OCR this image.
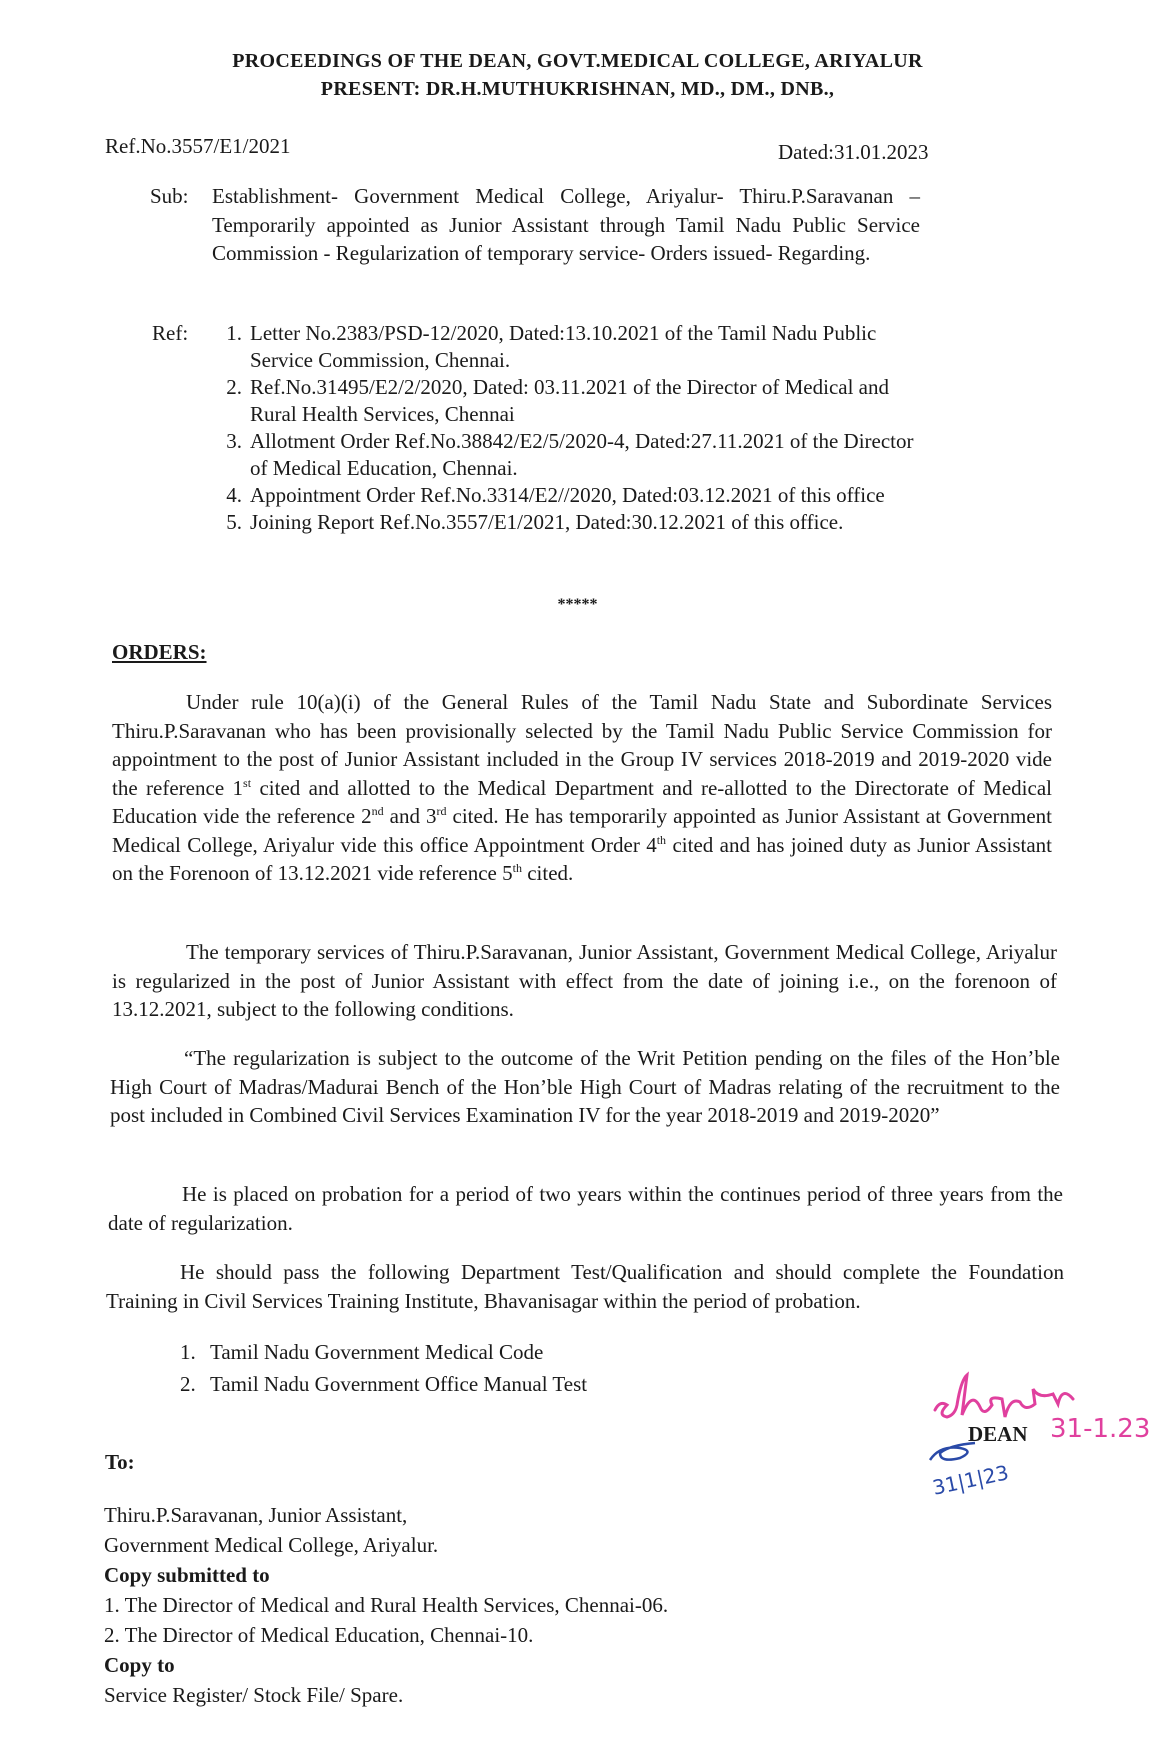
PROCEEDINGS OF THE DEAN, GOVT.MEDICAL COLLEGE, ARIYALUR
PRESENT: DR.H.MUTHUKRISHNAN, MD., DM., DNB.,
Ref.No.3557/E1/2021	Dated:31.01.2023
Sub:	Establishment- Government Medical College, Ariyalur- Thiru.P.Saravanan – Temporarily appointed as Junior Assistant through Tamil Nadu Public Service Commission - Regularization of temporary service- Orders issued- Regarding.
Ref:	1. Letter No.2383/PSD-12/2020, Dated:13.10.2021 of the Tamil Nadu Public Service Commission, Chennai.
2. Ref.No.31495/E2/2/2020, Dated: 03.11.2021 of the Director of Medical and Rural Health Services, Chennai
3. Allotment Order Ref.No.38842/E2/5/2020-4, Dated:27.11.2021 of the Director of Medical Education, Chennai.
4. Appointment Order Ref.No.3314/E2//2020, Dated:03.12.2021 of this office
5. Joining Report Ref.No.3557/E1/2021, Dated:30.12.2021 of this office.
*****
ORDERS:
Under rule 10(a)(i) of the General Rules of the Tamil Nadu State and Subordinate Services Thiru.P.Saravanan who has been provisionally selected by the Tamil Nadu Public Service Commission for appointment to the post of Junior Assistant included in the Group IV services 2018-2019 and 2019-2020 vide the reference 1st cited and allotted to the Medical Department and re-allotted to the Directorate of Medical Education vide the reference 2nd and 3rd cited. He has temporarily appointed as Junior Assistant at Government Medical College, Ariyalur vide this office Appointment Order 4th cited and has joined duty as Junior Assistant on the Forenoon of 13.12.2021 vide reference 5th cited.
The temporary services of Thiru.P.Saravanan, Junior Assistant, Government Medical College, Ariyalur is regularized in the post of Junior Assistant with effect from the date of joining i.e., on the forenoon of 13.12.2021, subject to the following conditions.
“The regularization is subject to the outcome of the Writ Petition pending on the files of the Hon’ble High Court of Madras/Madurai Bench of the Hon’ble High Court of Madras relating of the recruitment to the post included in Combined Civil Services Examination IV for the year 2018-2019 and 2019-2020”
He is placed on probation for a period of two years within the continues period of three years from the date of regularization.
He should pass the following Department Test/Qualification and should complete the Foundation Training in Civil Services Training Institute, Bhavanisagar within the period of probation.
1. Tamil Nadu Government Medical Code
2. Tamil Nadu Government Office Manual Test
DEAN 31-1.23
31|1|23
To:
Thiru.P.Saravanan, Junior Assistant,
Government Medical College, Ariyalur.
Copy submitted to
1. The Director of Medical and Rural Health Services, Chennai-06.
2. The Director of Medical Education, Chennai-10.
Copy to
Service Register/ Stock File/ Spare.
